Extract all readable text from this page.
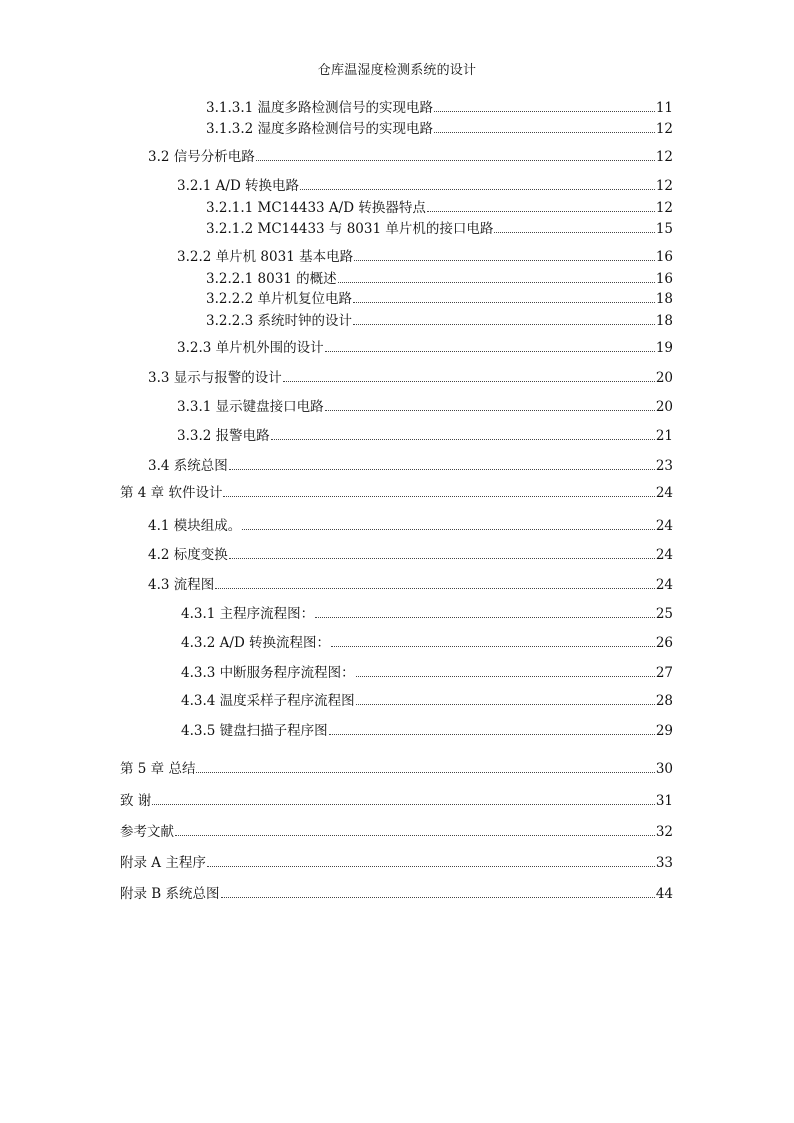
仓库温湿度检测系统的设计
3.1.3.1 温度多路检测信号的实现电路	11
3.1.3.2 湿度多路检测信号的实现电路	12
3.2 信号分析电路	12
3.2.1 A/D 转换电路	12
3.2.1.1 MC14433 A/D 转换器特点	12
3.2.1.2 MC14433 与 8031 单片机的接口电路	15
3.2.2 单片机 8031 基本电路	16
3.2.2.1 8031 的概述	16
3.2.2.2 单片机复位电路	18
3.2.2.3 系统时钟的设计	18
3.2.3 单片机外围的设计	19
3.3 显示与报警的设计	20
3.3.1 显示键盘接口电路	20
3.3.2 报警电路	21
3.4 系统总图	23
第 4 章 软件设计	24
4.1 模块组成。	24
4.2 标度变换	24
4.3 流程图	24
4.3.1 主程序流程图：	25
4.3.2 A/D 转换流程图：	26
4.3.3 中断服务程序流程图：	27
4.3.4 温度采样子程序流程图	28
4.3.5 键盘扫描子程序图	29
第 5 章 总结	30
致 谢	31
参考文献	32
附录 A 主程序	33
附录 B 系统总图	44
